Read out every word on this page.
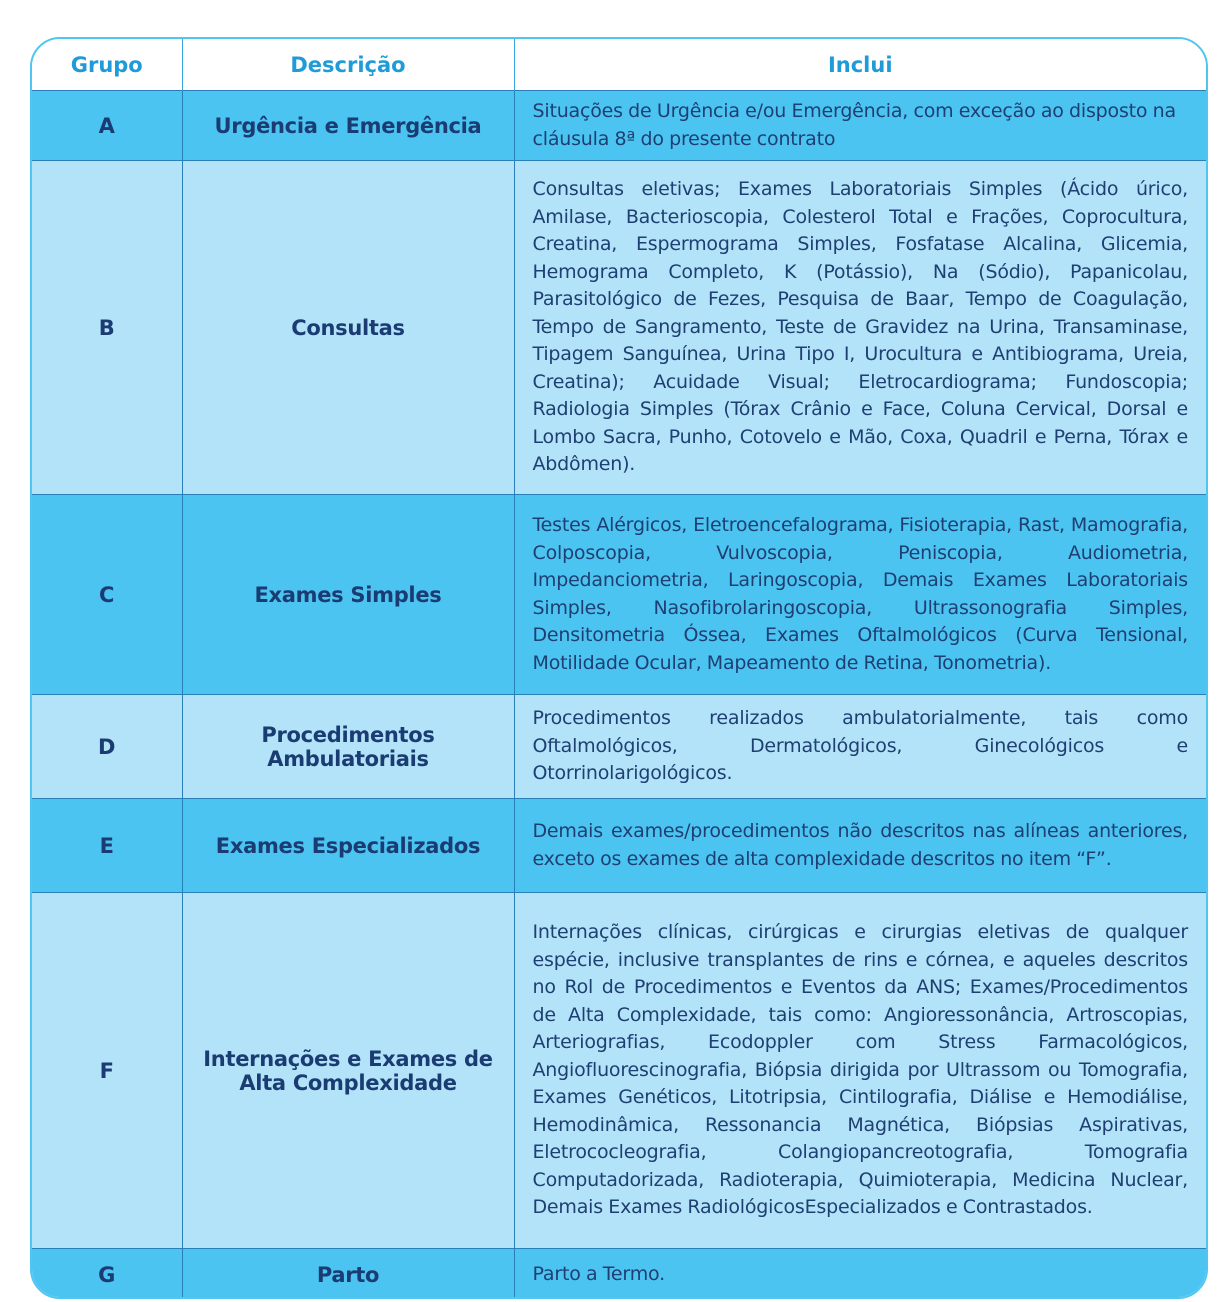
Grupo	Descrição	Inclui
A	Urgência e Emergência	Situações de Urgência e/ou Emergência, com exceção ao disposto na cláusula 8ª do presente contrato
B	Consultas	Consultas eletivas; Exames Laboratoriais Simples (Ácido úrico, Amilase, Bacterioscopia, Colesterol Total e Frações, Coprocultura, Creatina, Espermograma Simples, Fosfatase Alcalina, Glicemia, Hemograma Completo, K (Potássio), Na (Sódio), Papanicolau, Parasitológico de Fezes, Pesquisa de Baar, Tempo de Coagulação, Tempo de Sangramento, Teste de Gravidez na Urina, Transaminase, Tipagem Sanguínea, Urina Tipo I, Urocultura e Antibiograma, Ureia, Creatina); Acuidade Visual; Eletrocardiograma; Fundoscopia; Radiologia Simples (Tórax Crânio e Face, Coluna Cervical, Dorsal e Lombo Sacra, Punho, Cotovelo e Mão, Coxa, Quadril e Perna, Tórax e Abdômen).
C	Exames Simples	Testes Alérgicos, Eletroencefalograma, Fisioterapia, Rast, Mamografia, Colposcopia, Vulvoscopia, Peniscopia, Audiometria, Impedanciometria, Laringoscopia, Demais Exames Laboratoriais Simples, Nasofibrolaringoscopia, Ultrassonografia Simples, Densitometria Óssea, Exames Oftalmológicos (Curva Tensional, Motilidade Ocular, Mapeamento de Retina, Tonometria).
D	Procedimentos Ambulatoriais	Procedimentos realizados ambulatorialmente, tais como Oftalmológicos, Dermatológicos, Ginecológicos e Otorrinolarigológicos.
E	Exames Especializados	Demais exames/procedimentos não descritos nas alíneas anteriores, exceto os exames de alta complexidade descritos no item “F”.
F	Internações e Exames de Alta Complexidade	Internações clínicas, cirúrgicas e cirurgias eletivas de qualquer espécie, inclusive transplantes de rins e córnea, e aqueles descritos no Rol de Procedimentos e Eventos da ANS; Exames/Procedimentos de Alta Complexidade, tais como: Angioressonância, Artroscopias, Arteriografias, Ecodoppler com Stress Farmacológicos, Angiofluorescinografia, Biópsia dirigida por Ultrassom ou Tomografia, Exames Genéticos, Litotripsia, Cintilografia, Diálise e Hemodiálise, Hemodinâmica, Ressonancia Magnética, Biópsias Aspirativas, Eletrococleografia, Colangiopancreotografia, Tomografia Computadorizada, Radioterapia, Quimioterapia, Medicina Nuclear, Demais Exames RadiológicosEspecializados e Contrastados.
G	Parto	Parto a Termo.
